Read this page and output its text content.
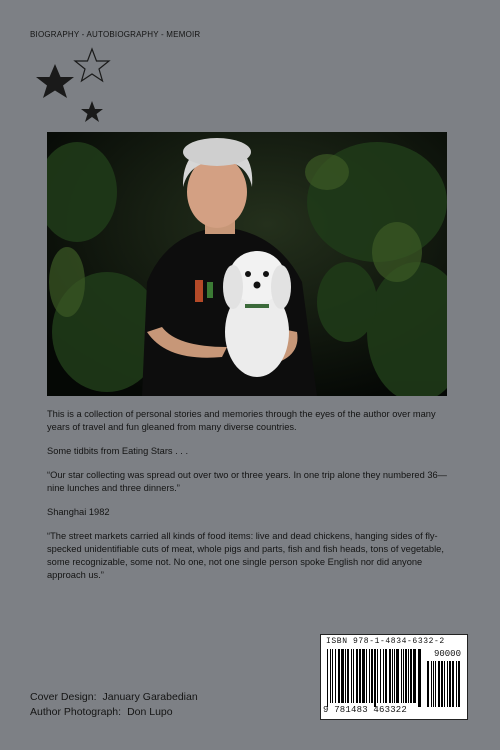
BIOGRAPHY - AUTOBIOGRAPHY - MEMOIR

This is a collection of personal stories and memories through the eyes of the author over many years of travel and fun gleaned from many diverse countries.

Some tidbits from Eating Stars . . .

“Our star collecting was spread out over two or three years. In one trip alone they numbered 36—nine lunches and three dinners.”

Shanghai 1982

“The street markets carried all kinds of food items: live and dead chickens, hanging sides of fly-specked unidentifiable cuts of meat, whole pigs and parts, fish and fish heads, tons of vegetable, some recognizable, some not. No one, not one single person spoke English nor did anyone approach us.”

ISBN 978-1-4834-6332-2
90000
9 781483 463322
Cover Design: January Garabedian
Author Photograph: Don Lupo
